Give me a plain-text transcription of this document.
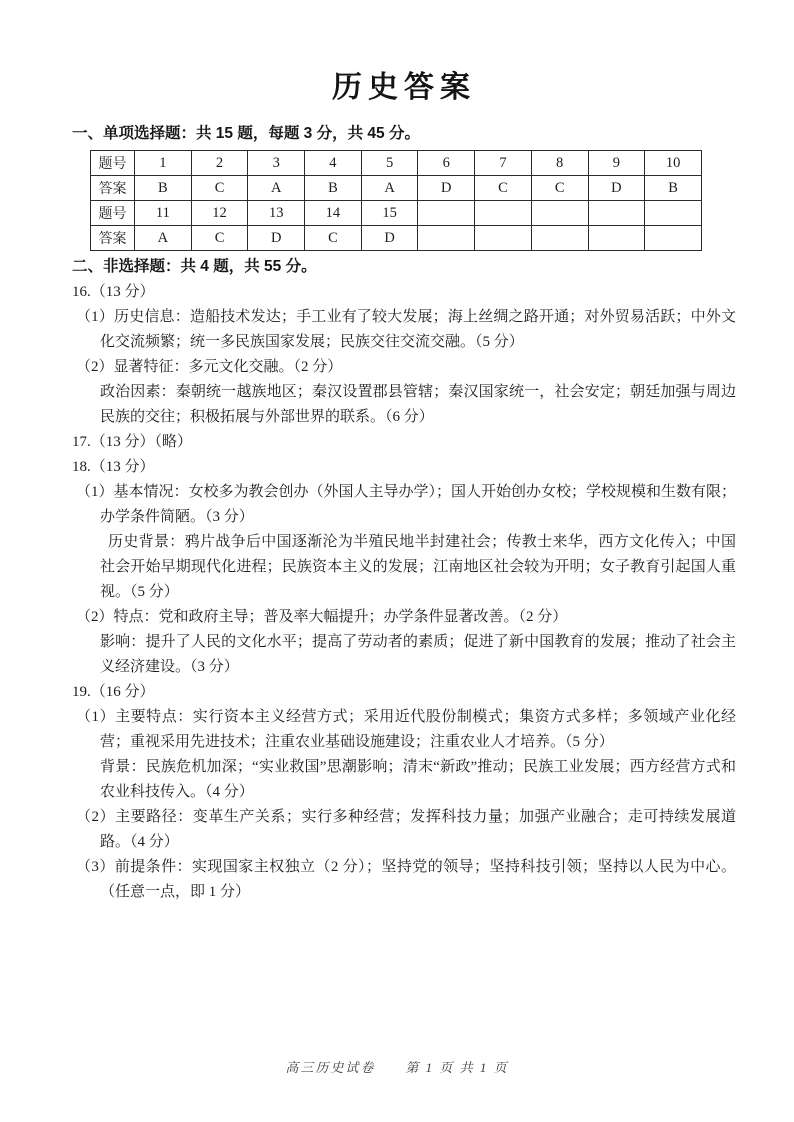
历史答案
一、单项选择题：共 15 题，每题 3 分，共 45 分。
题号	1	2	3	4	5	6	7	8	9	10
答案	B	C	A	B	A	D	C	C	D	B
题号	11	12	13	14	15					
答案	A	C	D	C	D					
二、非选择题：共 4 题，共 55 分。
16.（13 分）
（1）历史信息：造船技术发达；手工业有了较大发展；海上丝绸之路开通；对外贸易活跃；中外文化交流频繁；统一多民族国家发展；民族交往交流交融。（5 分）
（2）显著特征：多元文化交融。（2 分）
政治因素：秦朝统一越族地区；秦汉设置郡县管辖；秦汉国家统一，社会安定；朝廷加强与周边民族的交往；积极拓展与外部世界的联系。（6 分）
17.（13 分）（略）
18.（13 分）
（1）基本情况：女校多为教会创办（外国人主导办学）；国人开始创办女校；学校规模和生数有限；办学条件简陋。（3 分）
历史背景：鸦片战争后中国逐渐沦为半殖民地半封建社会；传教士来华，西方文化传入；中国社会开始早期现代化进程；民族资本主义的发展；江南地区社会较为开明；女子教育引起国人重视。（5 分）
（2）特点：党和政府主导；普及率大幅提升；办学条件显著改善。（2 分）
影响：提升了人民的文化水平；提高了劳动者的素质；促进了新中国教育的发展；推动了社会主义经济建设。（3 分）
19.（16 分）
（1）主要特点：实行资本主义经营方式；采用近代股份制模式；集资方式多样；多领域产业化经营；重视采用先进技术；注重农业基础设施建设；注重农业人才培养。（5 分）
背景：民族危机加深；“实业救国”思潮影响；清末“新政”推动；民族工业发展；西方经营方式和农业科技传入。（4 分）
（2）主要路径：变革生产关系；实行多种经营；发挥科技力量；加强产业融合；走可持续发展道路。（4 分）
（3）前提条件：实现国家主权独立（2 分）；坚持党的领导；坚持科技引领；坚持以人民为中心。（任意一点，即 1 分）
高三历史试卷　　第 1 页 共 1 页
